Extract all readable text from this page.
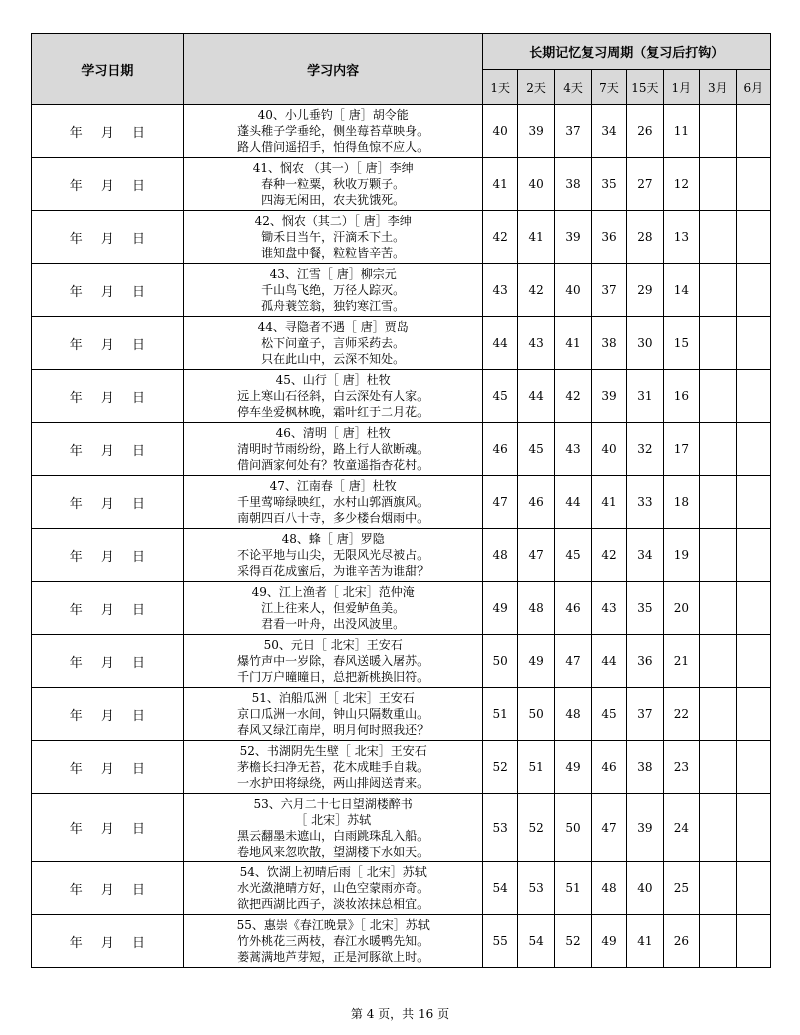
学习日期	学习内容	长期记忆复习周期（复习后打钩）							
		1天	2天	4天	7天	15天	1月	3月	6月
年 月 日	40、小儿垂钓［ 唐］胡令能
蓬头稚子学垂纶，侧坐莓苔草映身。
路人借问遥招手，怕得鱼惊不应人。	40	39	37	34	26	11		
年 月 日	41、悯农 （其一）［ 唐］李绅
春种一粒粟，秋收万颗子。
四海无闲田，农夫犹饿死。	41	40	38	35	27	12		
年 月 日	42、悯农（其二）［ 唐］李绅
锄禾日当午，汗滴禾下土。
谁知盘中餐，粒粒皆辛苦。	42	41	39	36	28	13		
年 月 日	43、江雪［ 唐］柳宗元
千山鸟飞绝，万径人踪灭。
孤舟蓑笠翁，独钓寒江雪。	43	42	40	37	29	14		
年 月 日	44、寻隐者不遇［ 唐］贾岛
松下问童子，言师采药去。
只在此山中，云深不知处。	44	43	41	38	30	15		
年 月 日	45、山行［ 唐］杜牧
远上寒山石径斜，白云深处有人家。
停车坐爱枫林晚，霜叶红于二月花。	45	44	42	39	31	16		
年 月 日	46、清明［ 唐］杜牧
清明时节雨纷纷，路上行人欲断魂。
借问酒家何处有？牧童遥指杏花村。	46	45	43	40	32	17		
年 月 日	47、江南春［ 唐］杜牧
千里莺啼绿映红，水村山郭酒旗风。
南朝四百八十寺，多少楼台烟雨中。	47	46	44	41	33	18		
年 月 日	48、蜂［ 唐］罗隐
不论平地与山尖，无限风光尽被占。
采得百花成蜜后，为谁辛苦为谁甜？	48	47	45	42	34	19		
年 月 日	49、江上渔者［ 北宋］范仲淹
江上往来人，但爱鲈鱼美。
君看一叶舟，出没风波里。	49	48	46	43	35	20		
年 月 日	50、元日［ 北宋］王安石
爆竹声中一岁除，春风送暖入屠苏。
千门万户曈曈日，总把新桃换旧符。	50	49	47	44	36	21		
年 月 日	51、泊船瓜洲［ 北宋］王安石
京口瓜洲一水间，钟山只隔数重山。
春风又绿江南岸，明月何时照我还？	51	50	48	45	37	22		
年 月 日	52、书湖阴先生壁［ 北宋］王安石
茅檐长扫净无苔，花木成畦手自栽。
一水护田将绿绕，两山排闼送青来。	52	51	49	46	38	23		
年 月 日	53、六月二十七日望湖楼醉书
［ 北宋］苏轼
黑云翻墨未遮山，白雨跳珠乱入船。
卷地风来忽吹散，望湖楼下水如天。	53	52	50	47	39	24		
年 月 日	54、饮湖上初晴后雨［ 北宋］苏轼
水光潋滟晴方好，山色空蒙雨亦奇。
欲把西湖比西子，淡妆浓抹总相宜。	54	53	51	48	40	25		
年 月 日	55、惠崇《春江晚景》［ 北宋］苏轼
竹外桃花三两枝，春江水暖鸭先知。
蒌蒿满地芦芽短，正是河豚欲上时。	55	54	52	49	41	26		
第 4 页，共 16 页
